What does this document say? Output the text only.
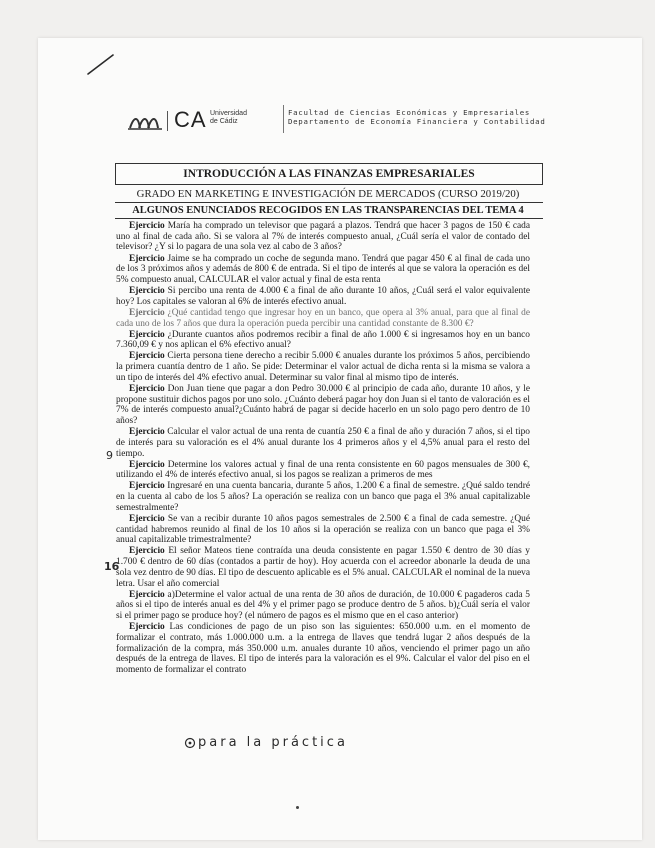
CA Universidad
de Cádiz
Facultad de Ciencias Económicas y Empresariales
Departamento de Economía Financiera y Contabilidad
INTRODUCCIÓN A LAS FINANZAS EMPRESARIALES
GRADO EN MARKETING E INVESTIGACIÓN DE MERCADOS (CURSO 2019/20)
ALGUNOS ENUNCIADOS RECOGIDOS EN LAS TRANSPARENCIAS DEL TEMA 4

Ejercicio María ha comprado un televisor que pagará a plazos. Tendrá que hacer 3 pagos de 150 € cada uno al final de cada año. Si se valora al 7% de interés compuesto anual, ¿Cuál sería el valor de contado del televisor? ¿Y si lo pagara de una sola vez al cabo de 3 años?

Ejercicio Jaime se ha comprado un coche de segunda mano. Tendrá que pagar 450 € al final de cada uno de los 3 próximos años y además de 800 € de entrada. Si el tipo de interés al que se valora la operación es del 5% compuesto anual, CALCULAR el valor actual y final de esta renta

Ejercicio Si percibo una renta de 4.000 € a final de año durante 10 años, ¿Cuál será el valor equivalente hoy? Los capitales se valoran al 6% de interés efectivo anual.

Ejercicio ¿Qué cantidad tengo que ingresar hoy en un banco, que opera al 3% anual, para que al final de cada uno de los 7 años que dura la operación pueda percibir una cantidad constante de 8.300 €?

Ejercicio ¿Durante cuantos años podremos recibir a final de año 1.000 € si ingresamos hoy en un banco 7.360,09 € y nos aplican el 6% efectivo anual?

Ejercicio Cierta persona tiene derecho a recibir 5.000 € anuales durante los próximos 5 años, percibiendo la primera cuantía dentro de 1 año. Se pide: Determinar el valor actual de dicha renta si la misma se valora a un tipo de interés del 4% efectivo anual. Determinar su valor final al mismo tipo de interés.

Ejercicio Don Juan tiene que pagar a don Pedro 30.000 € al principio de cada año, durante 10 años, y le propone sustituir dichos pagos por uno solo. ¿Cuánto deberá pagar hoy don Juan si el tanto de valoración es el 7% de interés compuesto anual?¿Cuánto habrá de pagar si decide hacerlo en un solo pago pero dentro de 10 años?

Ejercicio Calcular el valor actual de una renta de cuantía 250 € a final de año y duración 7 años, si el tipo de interés para su valoración es el 4% anual durante los 4 primeros años y el 4,5% anual para el resto del tiempo.

Ejercicio Determine los valores actual y final de una renta consistente en 60 pagos mensuales de 300 €, utilizando el 4% de interés efectivo anual, si los pagos se realizan a primeros de mes

Ejercicio Ingresaré en una cuenta bancaria, durante 5 años, 1.200 € a final de semestre. ¿Qué saldo tendré en la cuenta al cabo de los 5 años? La operación se realiza con un banco que paga el 3% anual capitalizable semestralmente?

Ejercicio Se van a recibir durante 10 años pagos semestrales de 2.500 € a final de cada semestre. ¿Qué cantidad habremos reunido al final de los 10 años si la operación se realiza con un banco que paga el 3% anual capitalizable trimestralmente?

Ejercicio El señor Mateos tiene contraída una deuda consistente en pagar 1.550 € dentro de 30 días y 1.700 € dentro de 60 días (contados a partir de hoy). Hoy acuerda con el acreedor abonarle la deuda de una sola vez dentro de 90 días. El tipo de descuento aplicable es el 5% anual. CALCULAR el nominal de la nueva letra. Usar el año comercial

Ejercicio a)Determine el valor actual de una renta de 30 años de duración, de 10.000 € pagaderos cada 5 años si el tipo de interés anual es del 4% y el primer pago se produce dentro de 5 años. b)¿Cuál sería el valor si el primer pago se produce hoy? (el número de pagos es el mismo que en el caso anterior)

Ejercicio Las condiciones de pago de un piso son las siguientes: 650.000 u.m. en el momento de formalizar el contrato, más 1.000.000 u.m. a la entrega de llaves que tendrá lugar 2 años después de la formalización de la compra, más 350.000 u.m. anuales durante 10 años, venciendo el primer pago un año después de la entrega de llaves. El tipo de interés para la valoración es el 9%. Calcular el valor del piso en el momento de formalizar el contrato

9
16
para la práctica
